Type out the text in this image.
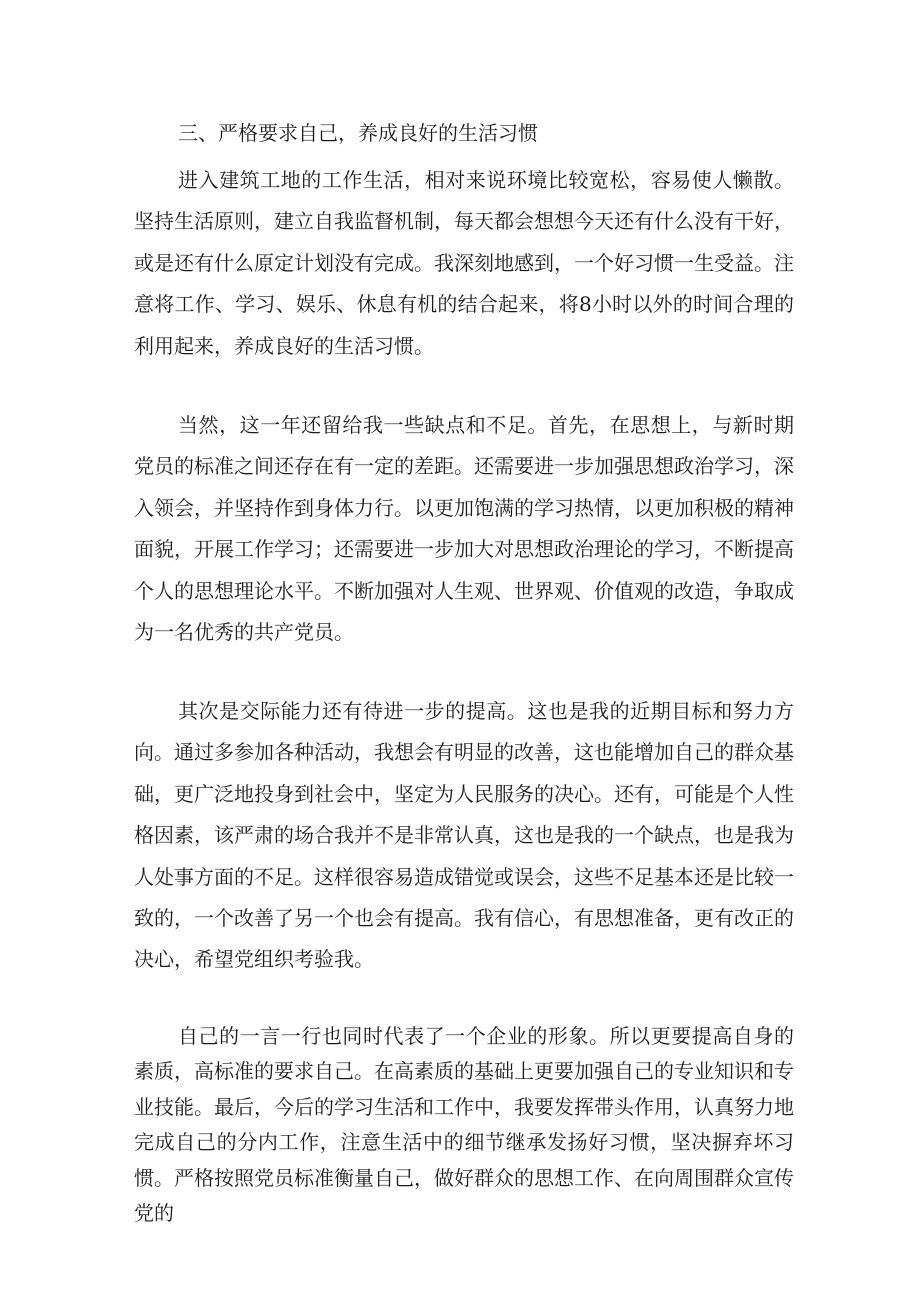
三、严格要求自己，养成良好的生活习惯

进入建筑工地的工作生活，相对来说环境比较宽松，容易使人懒散。坚持生活原则，建立自我监督机制，每天都会想想今天还有什么没有干好，或是还有什么原定计划没有完成。我深刻地感到，一个好习惯一生受益。注意将工作、学习、娱乐、休息有机的结合起来，将8小时以外的时间合理的利用起来，养成良好的生活习惯。

当然，这一年还留给我一些缺点和不足。首先，在思想上，与新时期党员的标准之间还存在有一定的差距。还需要进一步加强思想政治学习，深入领会，并坚持作到身体力行。以更加饱满的学习热情，以更加积极的精神面貌，开展工作学习；还需要进一步加大对思想政治理论的学习，不断提高个人的思想理论水平。不断加强对人生观、世界观、价值观的改造，争取成为一名优秀的共产党员。

其次是交际能力还有待进一步的提高。这也是我的近期目标和努力方向。通过多参加各种活动，我想会有明显的改善，这也能增加自己的群众基础，更广泛地投身到社会中，坚定为人民服务的决心。还有，可能是个人性格因素，该严肃的场合我并不是非常认真，这也是我的一个缺点，也是我为人处事方面的不足。这样很容易造成错觉或误会，这些不足基本还是比较一致的，一个改善了另一个也会有提高。我有信心，有思想准备，更有改正的决心，希望党组织考验我。

自己的一言一行也同时代表了一个企业的形象。所以更要提高自身的素质，高标准的要求自己。在高素质的基础上更要加强自己的专业知识和专业技能。最后，今后的学习生活和工作中，我要发挥带头作用，认真努力地完成自己的分内工作，注意生活中的细节继承发扬好习惯，坚决摒弃坏习惯。严格按照党员标准衡量自己，做好群众的思想工作、在向周围群众宣传党的
